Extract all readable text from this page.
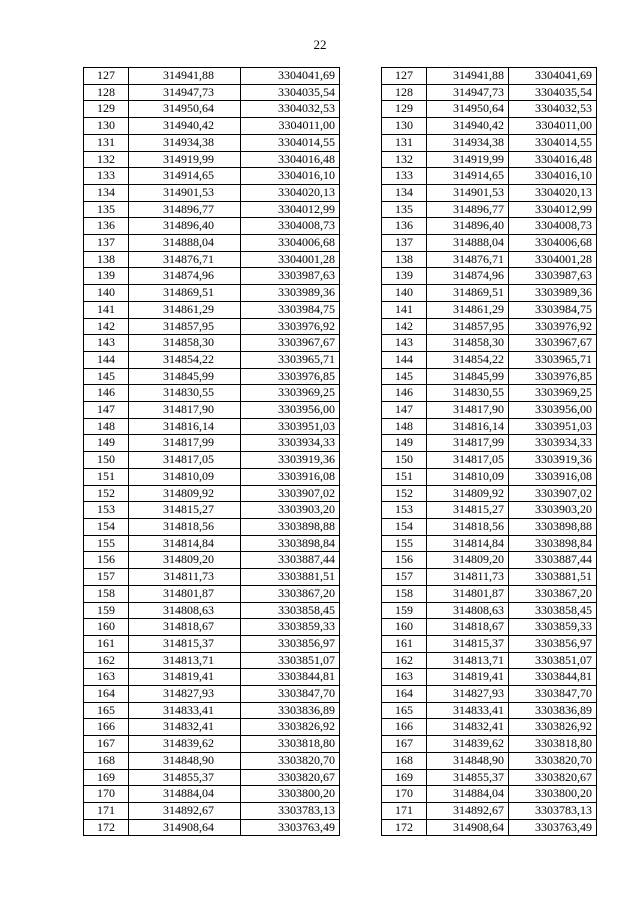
22
127	314941,88	3304041,69
128	314947,73	3304035,54
129	314950,64	3304032,53
130	314940,42	3304011,00
131	314934,38	3304014,55
132	314919,99	3304016,48
133	314914,65	3304016,10
134	314901,53	3304020,13
135	314896,77	3304012,99
136	314896,40	3304008,73
137	314888,04	3304006,68
138	314876,71	3304001,28
139	314874,96	3303987,63
140	314869,51	3303989,36
141	314861,29	3303984,75
142	314857,95	3303976,92
143	314858,30	3303967,67
144	314854,22	3303965,71
145	314845,99	3303976,85
146	314830,55	3303969,25
147	314817,90	3303956,00
148	314816,14	3303951,03
149	314817,99	3303934,33
150	314817,05	3303919,36
151	314810,09	3303916,08
152	314809,92	3303907,02
153	314815,27	3303903,20
154	314818,56	3303898,88
155	314814,84	3303898,84
156	314809,20	3303887,44
157	314811,73	3303881,51
158	314801,87	3303867,20
159	314808,63	3303858,45
160	314818,67	3303859,33
161	314815,37	3303856,97
162	314813,71	3303851,07
163	314819,41	3303844,81
164	314827,93	3303847,70
165	314833,41	3303836,89
166	314832,41	3303826,92
167	314839,62	3303818,80
168	314848,90	3303820,70
169	314855,37	3303820,67
170	314884,04	3303800,20
171	314892,67	3303783,13
172	314908,64	3303763,49
127	314941,88	3304041,69
128	314947,73	3304035,54
129	314950,64	3304032,53
130	314940,42	3304011,00
131	314934,38	3304014,55
132	314919,99	3304016,48
133	314914,65	3304016,10
134	314901,53	3304020,13
135	314896,77	3304012,99
136	314896,40	3304008,73
137	314888,04	3304006,68
138	314876,71	3304001,28
139	314874,96	3303987,63
140	314869,51	3303989,36
141	314861,29	3303984,75
142	314857,95	3303976,92
143	314858,30	3303967,67
144	314854,22	3303965,71
145	314845,99	3303976,85
146	314830,55	3303969,25
147	314817,90	3303956,00
148	314816,14	3303951,03
149	314817,99	3303934,33
150	314817,05	3303919,36
151	314810,09	3303916,08
152	314809,92	3303907,02
153	314815,27	3303903,20
154	314818,56	3303898,88
155	314814,84	3303898,84
156	314809,20	3303887,44
157	314811,73	3303881,51
158	314801,87	3303867,20
159	314808,63	3303858,45
160	314818,67	3303859,33
161	314815,37	3303856,97
162	314813,71	3303851,07
163	314819,41	3303844,81
164	314827,93	3303847,70
165	314833,41	3303836,89
166	314832,41	3303826,92
167	314839,62	3303818,80
168	314848,90	3303820,70
169	314855,37	3303820,67
170	314884,04	3303800,20
171	314892,67	3303783,13
172	314908,64	3303763,49
